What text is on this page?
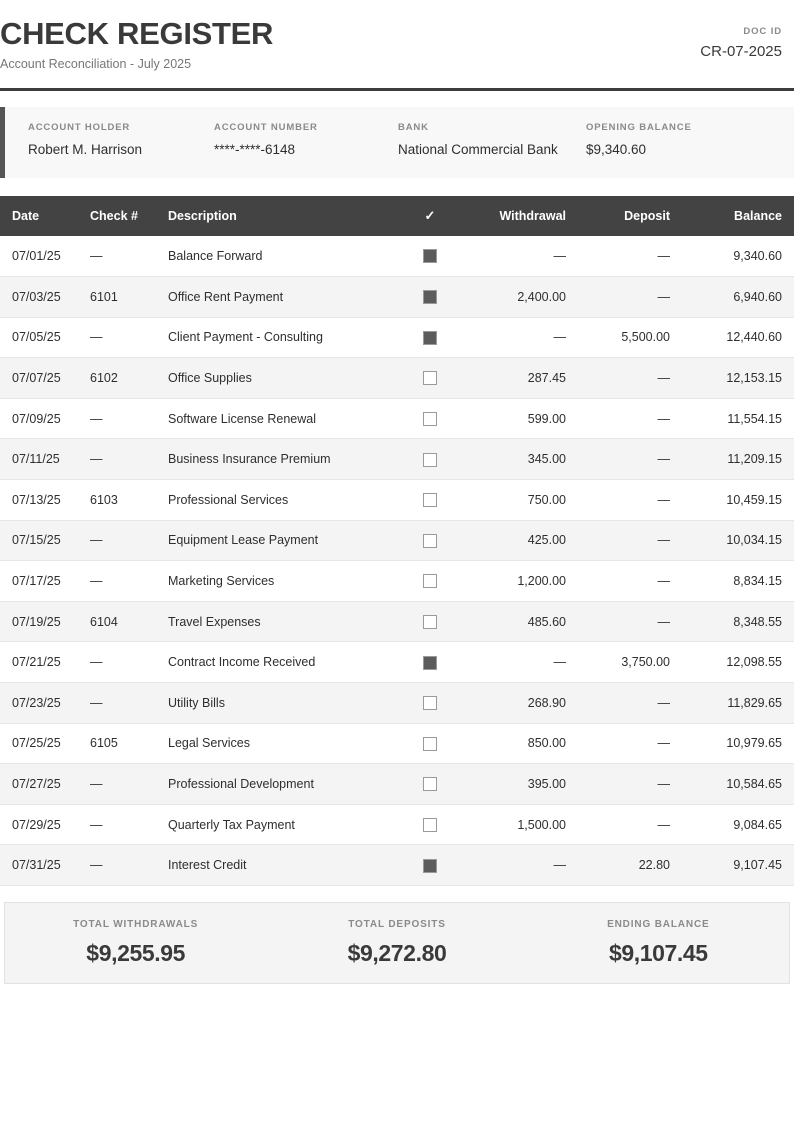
CHECK REGISTER
Account Reconciliation - July 2025
DOC ID
CR-07-2025
ACCOUNT HOLDER
Robert M. Harrison
ACCOUNT NUMBER
****-****-6148
BANK
National Commercial Bank
OPENING BALANCE
$9,340.60
Date	Check #	Description	✓	Withdrawal	Deposit	Balance
07/01/25	—	Balance Forward		—	—	9,340.60
07/03/25	6101	Office Rent Payment		2,400.00	—	6,940.60
07/05/25	—	Client Payment - Consulting		—	5,500.00	12,440.60
07/07/25	6102	Office Supplies		287.45	—	12,153.15
07/09/25	—	Software License Renewal		599.00	—	11,554.15
07/11/25	—	Business Insurance Premium		345.00	—	11,209.15
07/13/25	6103	Professional Services		750.00	—	10,459.15
07/15/25	—	Equipment Lease Payment		425.00	—	10,034.15
07/17/25	—	Marketing Services		1,200.00	—	8,834.15
07/19/25	6104	Travel Expenses		485.60	—	8,348.55
07/21/25	—	Contract Income Received		—	3,750.00	12,098.55
07/23/25	—	Utility Bills		268.90	—	11,829.65
07/25/25	6105	Legal Services		850.00	—	10,979.65
07/27/25	—	Professional Development		395.00	—	10,584.65
07/29/25	—	Quarterly Tax Payment		1,500.00	—	9,084.65
07/31/25	—	Interest Credit		—	22.80	9,107.45
TOTAL WITHDRAWALS
$9,255.95
TOTAL DEPOSITS
$9,272.80
ENDING BALANCE
$9,107.45
